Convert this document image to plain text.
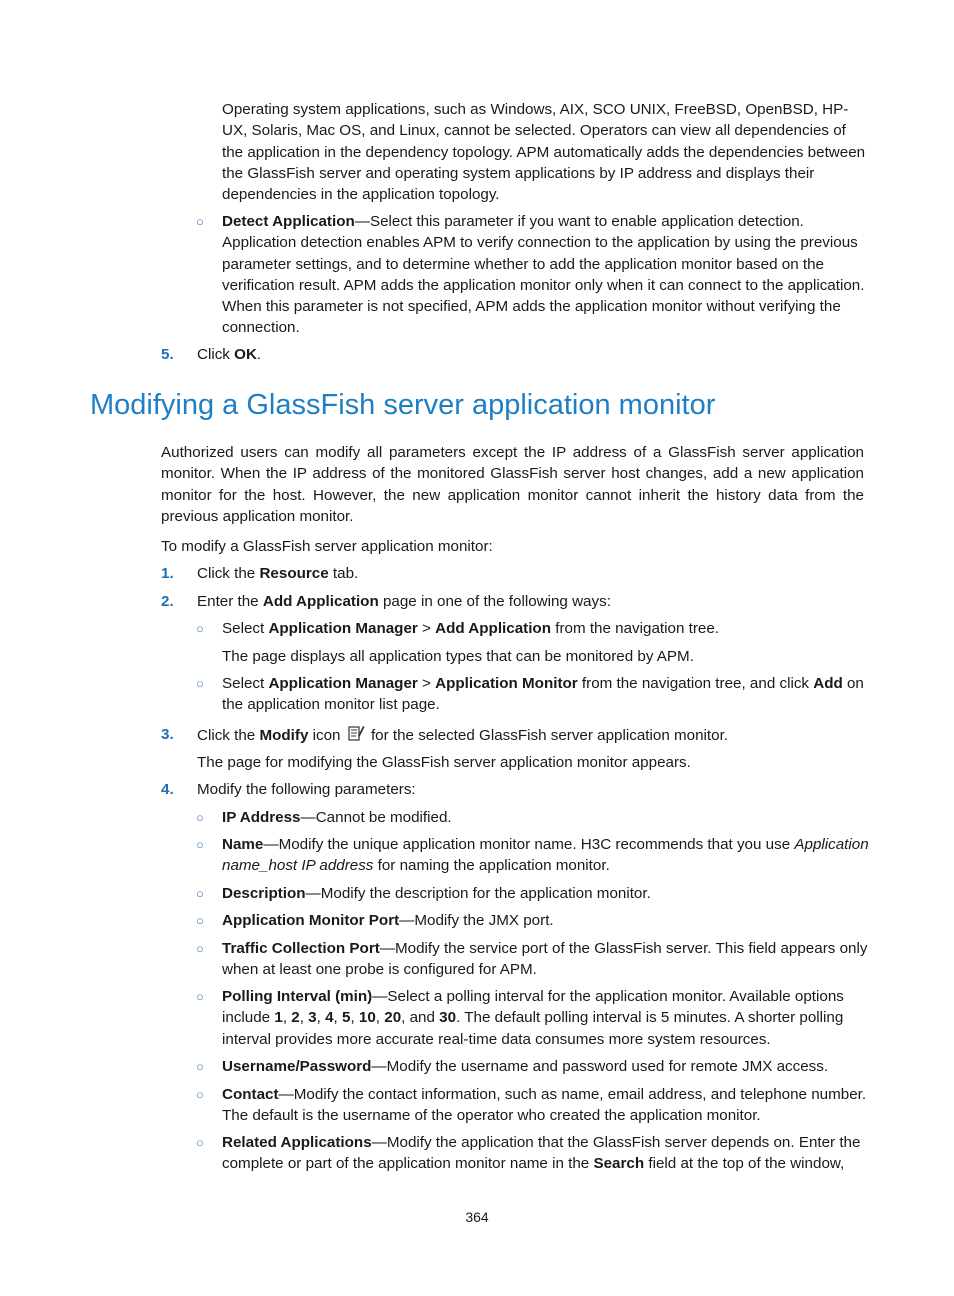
Operating system applications, such as Windows, AIX, SCO UNIX, FreeBSD, OpenBSD, HP-UX, Solaris, Mac OS, and Linux, cannot be selected. Operators can view all dependencies of the application in the dependency topology. APM automatically adds the dependencies between the GlassFish server and operating system applications by IP address and displays their dependencies in the application topology.
○ Detect Application—Select this parameter if you want to enable application detection. Application detection enables APM to verify connection to the application by using the previous parameter settings, and to determine whether to add the application monitor based on the verification result. APM adds the application monitor only when it can connect to the application. When this parameter is not specified, APM adds the application monitor without verifying the connection.
5. Click OK.
Modifying a GlassFish server application monitor
Authorized users can modify all parameters except the IP address of a GlassFish server application monitor. When the IP address of the monitored GlassFish server host changes, add a new application monitor for the host. However, the new application monitor cannot inherit the history data from the previous application monitor.
To modify a GlassFish server application monitor:
1. Click the Resource tab.
2. Enter the Add Application page in one of the following ways:
○ Select Application Manager > Add Application from the navigation tree.
The page displays all application types that can be monitored by APM.
○ Select Application Manager > Application Monitor from the navigation tree, and click Add on the application monitor list page.
3. Click the Modify icon  for the selected GlassFish server application monitor.
The page for modifying the GlassFish server application monitor appears.
4. Modify the following parameters:
○ IP Address—Cannot be modified.
○ Name—Modify the unique application monitor name. H3C recommends that you use Application name_host IP address for naming the application monitor.
○ Description—Modify the description for the application monitor.
○ Application Monitor Port—Modify the JMX port.
○ Traffic Collection Port—Modify the service port of the GlassFish server. This field appears only when at least one probe is configured for APM.
○ Polling Interval (min)—Select a polling interval for the application monitor. Available options include 1, 2, 3, 4, 5, 10, 20, and 30. The default polling interval is 5 minutes. A shorter polling interval provides more accurate real-time data consumes more system resources.
○ Username/Password—Modify the username and password used for remote JMX access.
○ Contact—Modify the contact information, such as name, email address, and telephone number. The default is the username of the operator who created the application monitor.
○ Related Applications—Modify the application that the GlassFish server depends on. Enter the complete or part of the application monitor name in the Search field at the top of the window,
364
